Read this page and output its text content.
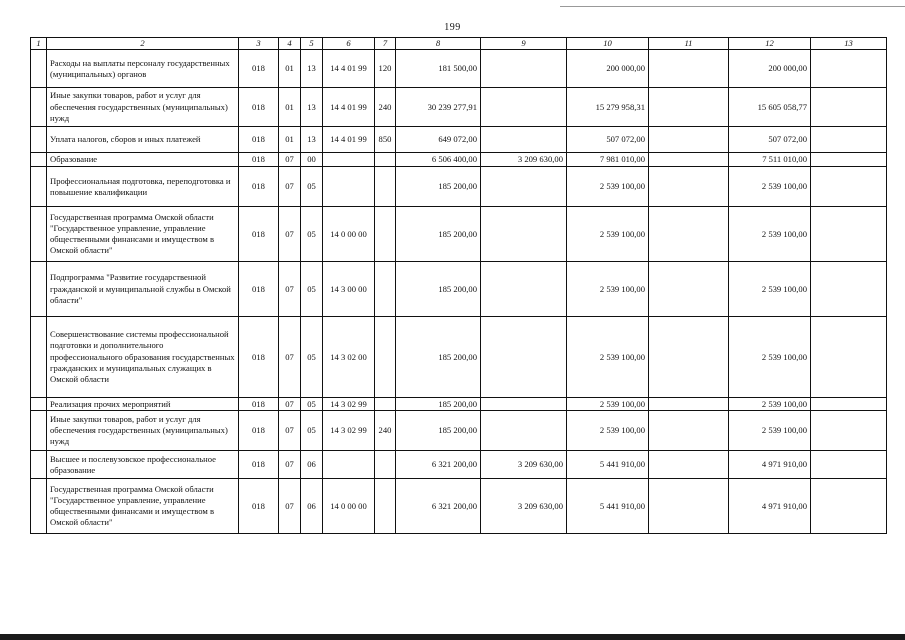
199
1	2	3	4	5	6	7	8	9	10	11	12	13
	Расходы на выплаты персоналу государственных (муниципальных) органов	018	01	13	14 4 01 99	120	181 500,00		200 000,00		200 000,00	
	Иные закупки товаров, работ и услуг для обеспечения государственных (муниципальных) нужд	018	01	13	14 4 01 99	240	30 239 277,91		15 279 958,31		15 605 058,77	
	Уплата налогов, сборов и иных платежей	018	01	13	14 4 01 99	850	649 072,00		507 072,00		507 072,00	
	Образование	018	07	00			6 506 400,00	3 209 630,00	7 981 010,00		7 511 010,00	
	Профессиональная подготовка, переподготовка и повышение квалификации	018	07	05			185 200,00		2 539 100,00		2 539 100,00	
	Государственная программа Омской области "Государственное управление, управление общественными финансами и имуществом в Омской области"	018	07	05	14 0 00 00		185 200,00		2 539 100,00		2 539 100,00	
	Подпрограмма "Развитие государственной гражданской и муниципальной службы в Омской области"	018	07	05	14 3 00 00		185 200,00		2 539 100,00		2 539 100,00	
	Совершенствование системы профессиональной подготовки и дополнительного профессионального образования государственных гражданских и муниципальных служащих в Омской области	018	07	05	14 3 02 00		185 200,00		2 539 100,00		2 539 100,00	
	Реализация прочих мероприятий	018	07	05	14 3 02 99		185 200,00		2 539 100,00		2 539 100,00	
	Иные закупки товаров, работ и услуг для обеспечения государственных (муниципальных) нужд	018	07	05	14 3 02 99	240	185 200,00		2 539 100,00		2 539 100,00	
	Высшее и послевузовское профессиональное образование	018	07	06			6 321 200,00	3 209 630,00	5 441 910,00		4 971 910,00	
	Государственная программа Омской области "Государственное управление, управление общественными финансами и имуществом в Омской области"	018	07	06	14 0 00 00		6 321 200,00	3 209 630,00	5 441 910,00		4 971 910,00	
